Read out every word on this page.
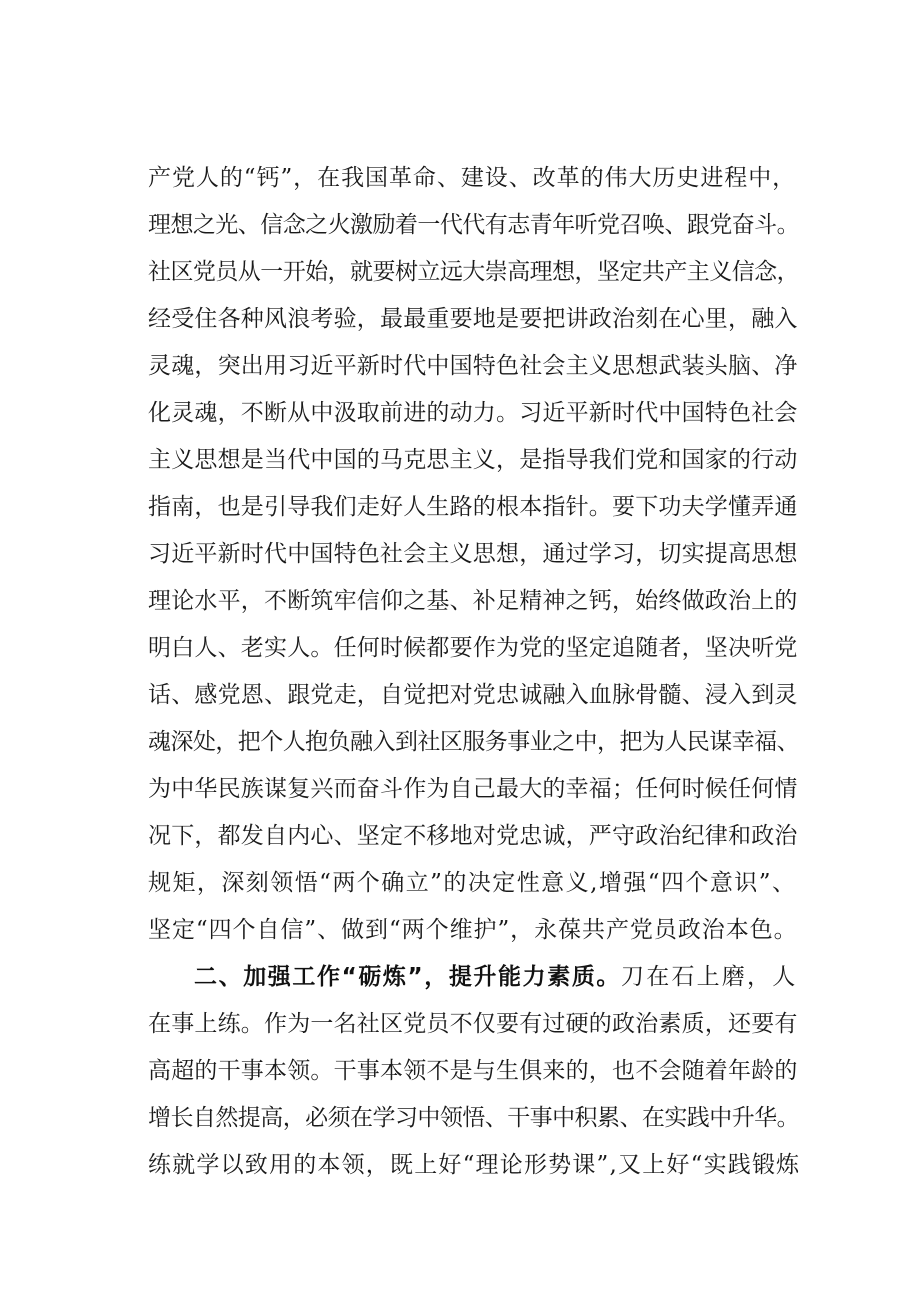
产党人的“钙”，在我国革命、建设、改革的伟大历史进程中，
理想之光、信念之火激励着一代代有志青年听党召唤、跟党奋斗。
社区党员从一开始，就要树立远大崇高理想，坚定共产主义信念，
经受住各种风浪考验，最最重要地是要把讲政治刻在心里，融入
灵魂，突出用习近平新时代中国特色社会主义思想武装头脑、净
化灵魂，不断从中汲取前进的动力。习近平新时代中国特色社会
主义思想是当代中国的马克思主义，是指导我们党和国家的行动
指南，也是引导我们走好人生路的根本指针。要下功夫学懂弄通
习近平新时代中国特色社会主义思想，通过学习，切实提高思想
理论水平，不断筑牢信仰之基、补足精神之钙，始终做政治上的
明白人、老实人。任何时候都要作为党的坚定追随者，坚决听党
话、感党恩、跟党走，自觉把对党忠诚融入血脉骨髓、浸入到灵
魂深处，把个人抱负融入到社区服务事业之中，把为人民谋幸福、
为中华民族谋复兴而奋斗作为自己最大的幸福；任何时候任何情
况下，都发自内心、坚定不移地对党忠诚，严守政治纪律和政治
规矩，深刻领悟“两个确立”的决定性意义,增强“四个意识”、
坚定“四个自信”、做到“两个维护”，永葆共产党员政治本色。
二、加强工作“砺炼”，提升能力素质。刀在石上磨，人
在事上练。作为一名社区党员不仅要有过硬的政治素质，还要有
高超的干事本领。干事本领不是与生俱来的，也不会随着年龄的
增长自然提高，必须在学习中领悟、干事中积累、在实践中升华。
练就学以致用的本领，既上好“理论形势课”,又上好“实践锻炼
